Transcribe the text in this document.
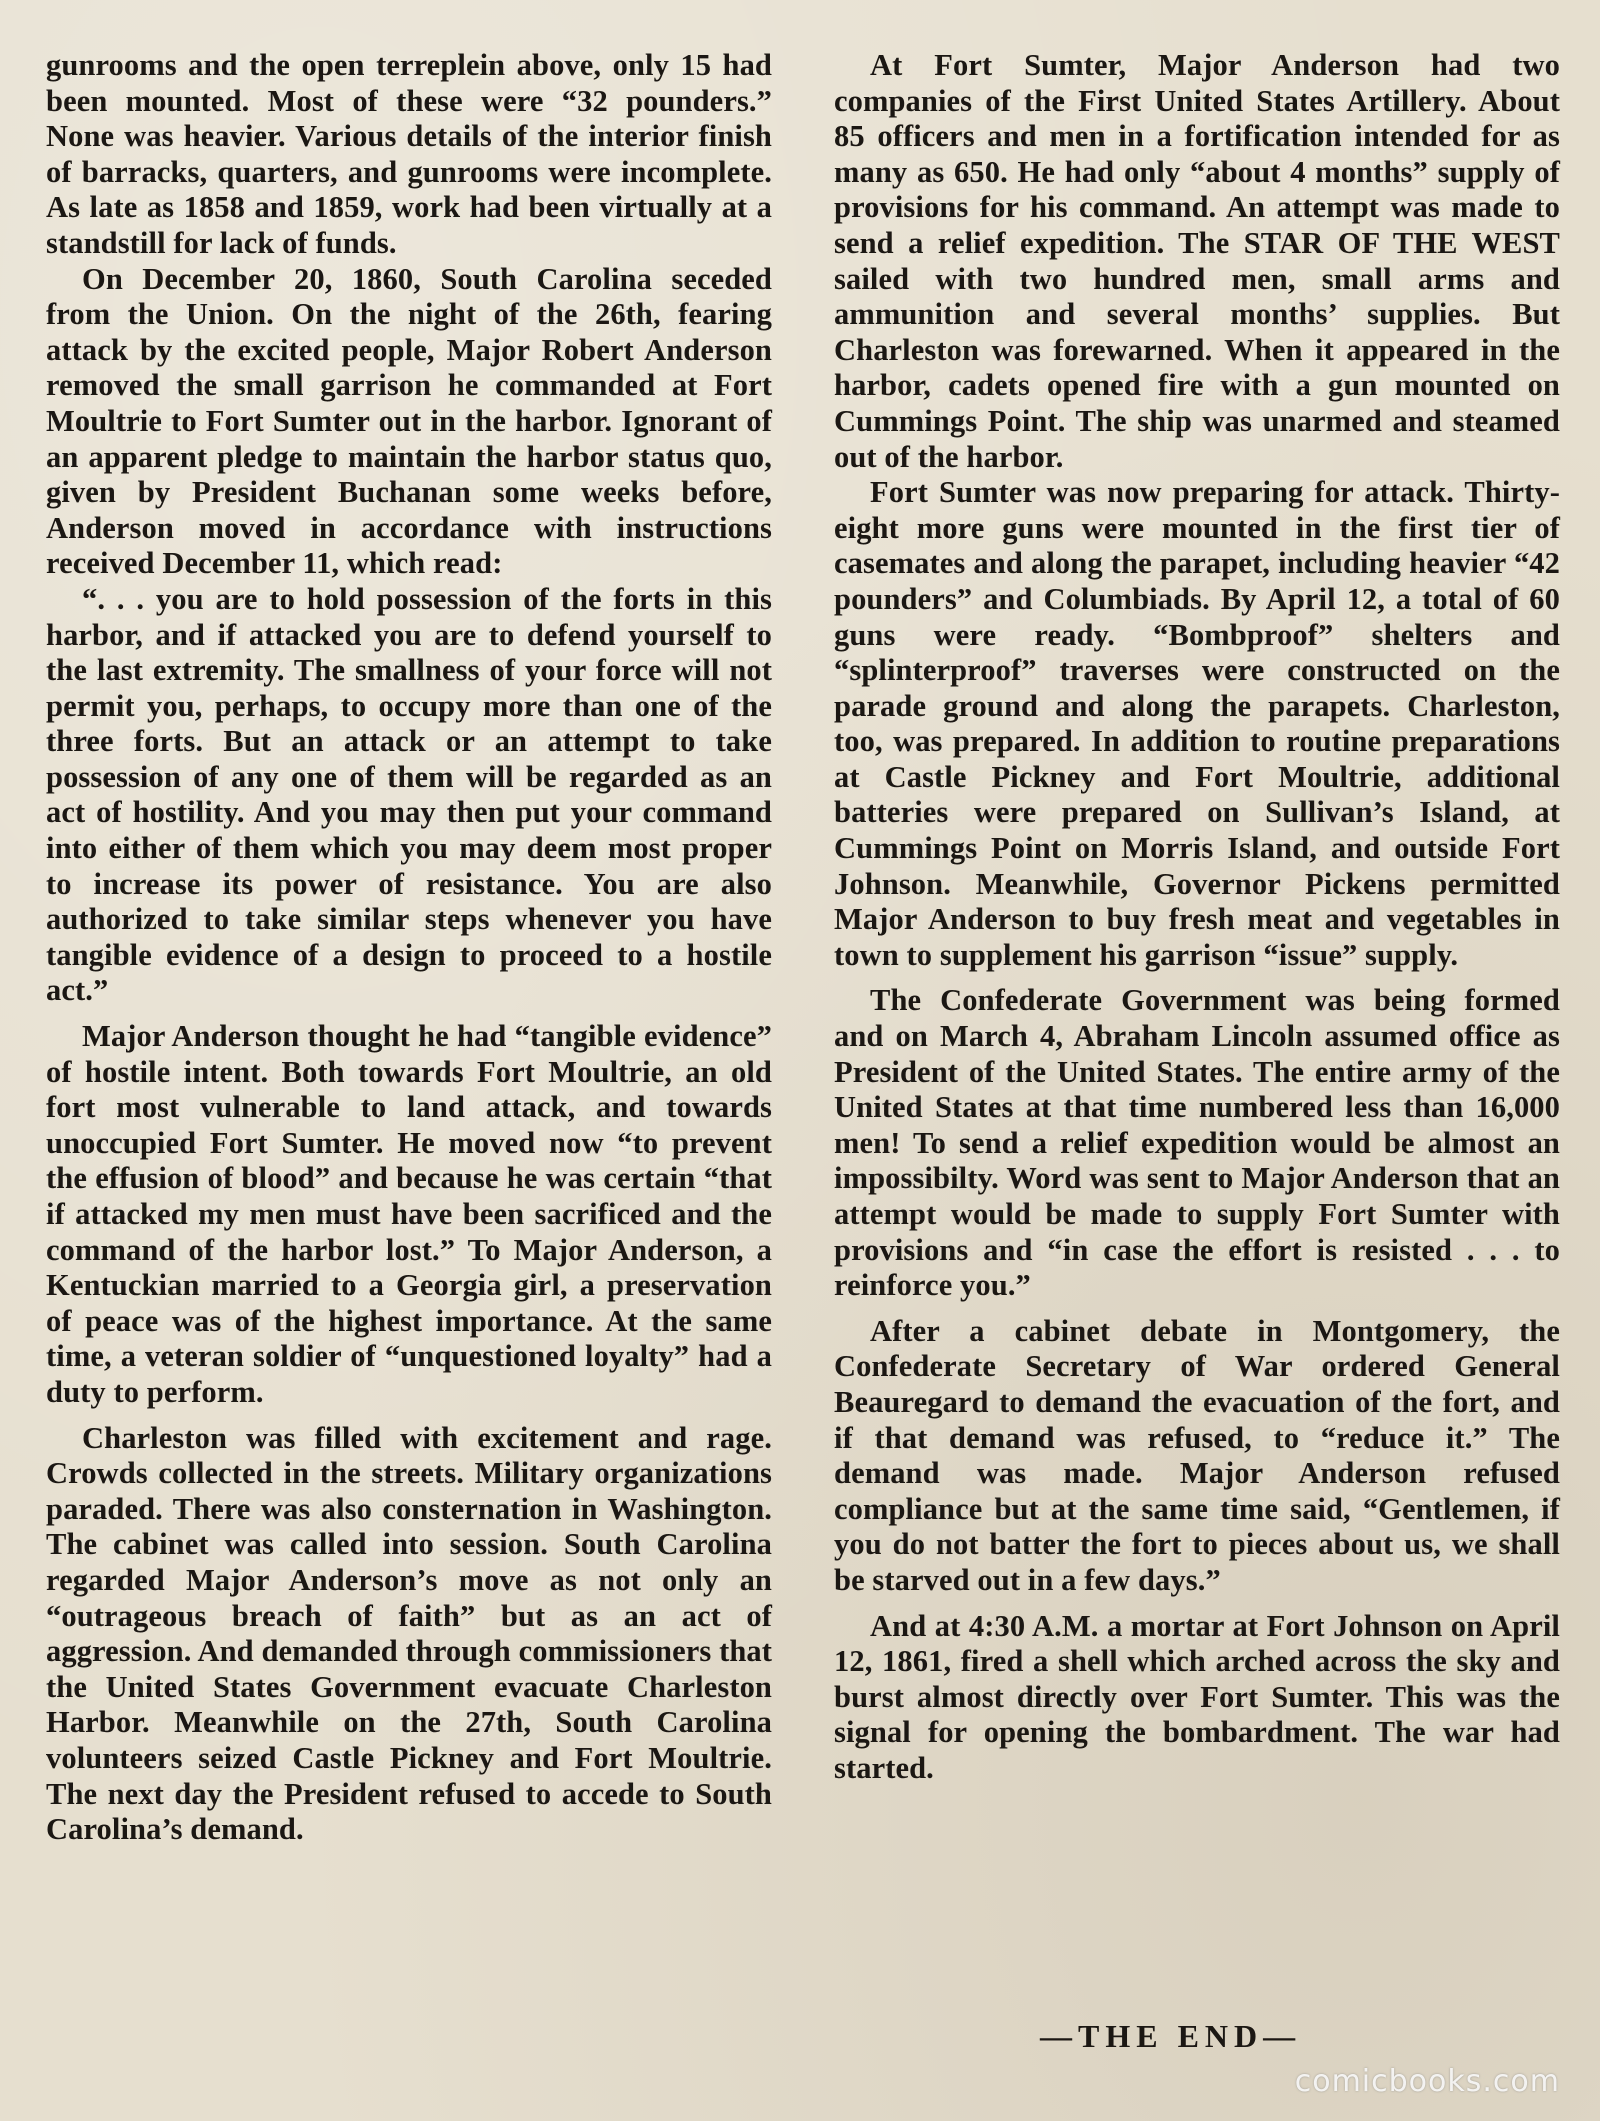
gunrooms and the open terreplein above, only 15 had been mounted. Most of these were “32 pounders.” None was heavier. Various details of the interior finish of barracks, quarters, and gunrooms were incomplete. As late as 1858 and 1859, work had been virtually at a standstill for lack of funds.

On December 20, 1860, South Carolina seceded from the Union. On the night of the 26th, fearing attack by the excited people, Major Robert Anderson removed the small garrison he commanded at Fort Moultrie to Fort Sumter out in the harbor. Ignorant of an apparent pledge to maintain the harbor status quo, given by President Buchanan some weeks before, Anderson moved in accordance with instructions received December 11, which read:

“. . . you are to hold possession of the forts in this harbor, and if attacked you are to defend yourself to the last extremity. The smallness of your force will not permit you, perhaps, to occupy more than one of the three forts. But an attack or an attempt to take possession of any one of them will be regarded as an act of hostility. And you may then put your command into either of them which you may deem most proper to increase its power of resistance. You are also authorized to take similar steps whenever you have tangible evidence of a design to proceed to a hostile act.”

Major Anderson thought he had “tangible evidence” of hostile intent. Both towards Fort Moultrie, an old fort most vulnerable to land attack, and towards unoccupied Fort Sumter. He moved now “to prevent the effusion of blood” and because he was certain “that if attacked my men must have been sacrificed and the command of the harbor lost.” To Major Anderson, a Kentuckian married to a Georgia girl, a preservation of peace was of the highest importance. At the same time, a veteran soldier of “unquestioned loyalty” had a duty to perform.

Charleston was filled with excitement and rage. Crowds collected in the streets. Military organizations paraded. There was also consternation in Washington. The cabinet was called into session. South Carolina regarded Major Anderson’s move as not only an “outrageous breach of faith” but as an act of aggression. And demanded through commissioners that the United States Government evacuate Charleston Harbor. Meanwhile on the 27th, South Carolina volunteers seized Castle Pickney and Fort Moultrie. The next day the President refused to accede to South Carolina’s demand.

At Fort Sumter, Major Anderson had two companies of the First United States Artillery. About 85 officers and men in a fortification intended for as many as 650. He had only “about 4 months” supply of provisions for his command. An attempt was made to send a relief expedition. The STAR OF THE WEST sailed with two hundred men, small arms and ammunition and several months’ supplies. But Charleston was forewarned. When it appeared in the harbor, cadets opened fire with a gun mounted on Cummings Point. The ship was unarmed and steamed out of the harbor.

Fort Sumter was now preparing for attack. Thirty-eight more guns were mounted in the first tier of casemates and along the parapet, including heavier “42 pounders” and Columbiads. By April 12, a total of 60 guns were ready. “Bombproof” shelters and “splinterproof” traverses were constructed on the parade ground and along the parapets. Charleston, too, was prepared. In addition to routine preparations at Castle Pickney and Fort Moultrie, additional batteries were prepared on Sullivan’s Island, at Cummings Point on Morris Island, and outside Fort Johnson. Meanwhile, Governor Pickens permitted Major Anderson to buy fresh meat and vegetables in town to supplement his garrison “issue” supply.

The Confederate Government was being formed and on March 4, Abraham Lincoln assumed office as President of the United States. The entire army of the United States at that time numbered less than 16,000 men! To send a relief expedition would be almost an impossibilty. Word was sent to Major Anderson that an attempt would be made to supply Fort Sumter with provisions and “in case the effort is resisted . . . to reinforce you.”

After a cabinet debate in Montgomery, the Confederate Secretary of War ordered General Beauregard to demand the evacuation of the fort, and if that demand was refused, to “reduce it.” The demand was made. Major Anderson refused compliance but at the same time said, “Gentlemen, if you do not batter the fort to pieces about us, we shall be starved out in a few days.”

And at 4:30 A.M. a mortar at Fort Johnson on April 12, 1861, fired a shell which arched across the sky and burst almost directly over Fort Sumter. This was the signal for opening the bombardment. The war had started.

—THE END—
comicbooks.com
